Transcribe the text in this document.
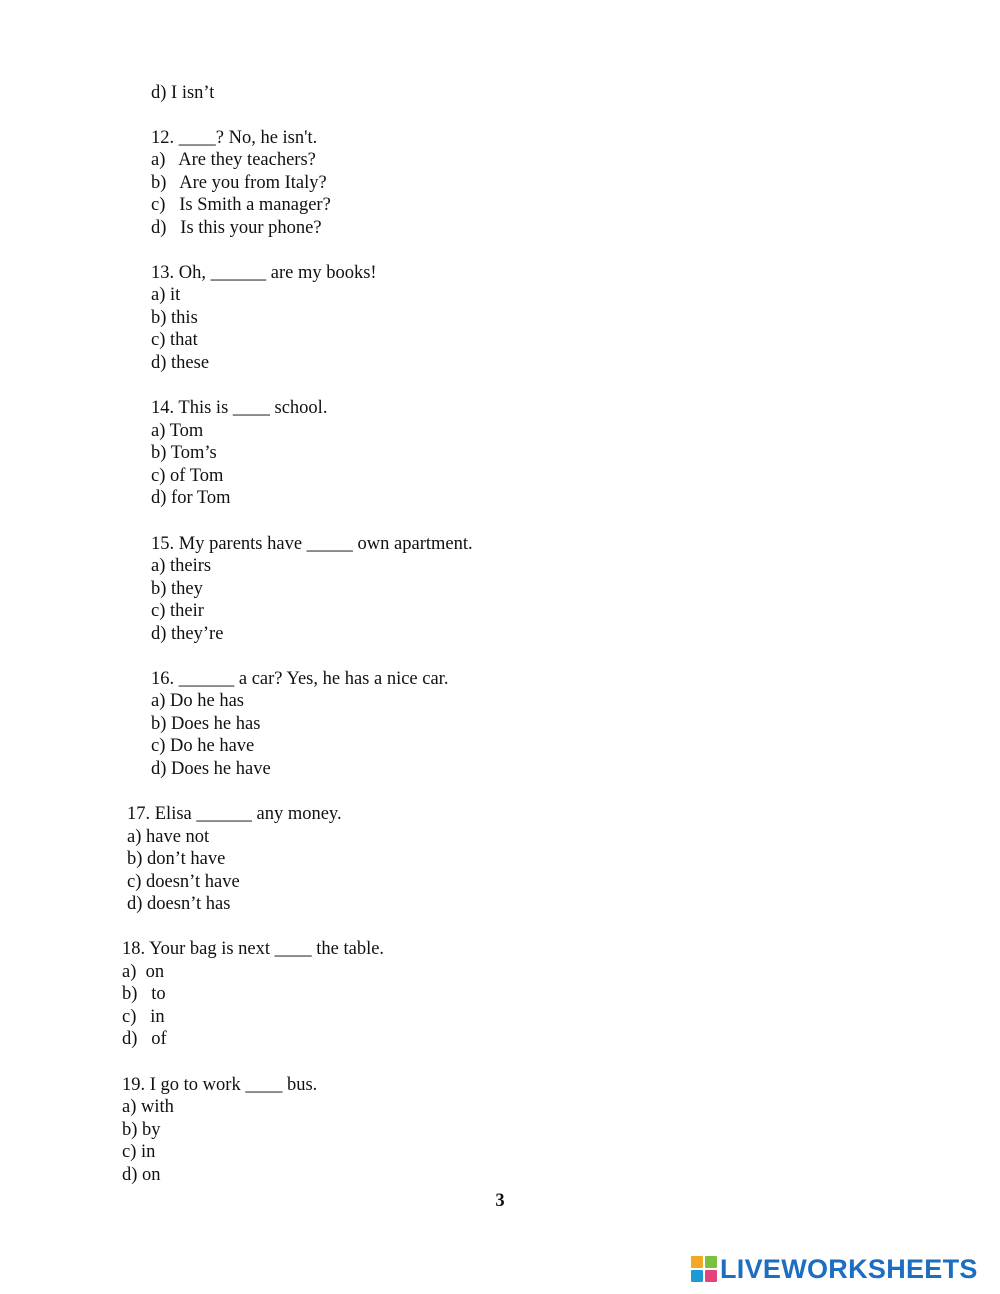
d) I isn’t
12. ____? No, he isn't.
a)   Are they teachers?
b)   Are you from Italy?
c)   Is Smith a manager?
d)   Is this your phone?
13. Oh, ______ are my books!
a) it
b) this
c) that
d) these
14. This is ____ school.
a) Tom
b) Tom’s
c) of Tom
d) for Tom
15. My parents have _____ own apartment.
a) theirs
b) they
c) their
d) they’re
16. ______ a car? Yes, he has a nice car.
a) Do he has
b) Does he has
c) Do he have
d) Does he have
17. Elisa ______ any money.
a) have not
b) don’t have
c) doesn’t have
d) doesn’t has
18. Your bag is next ____ the table.
a)  on
b)   to
c)   in
d)   of
19. I go to work ____ bus.
a) with
b) by
c) in
d) on
3
LIVEWORKSHEETS
